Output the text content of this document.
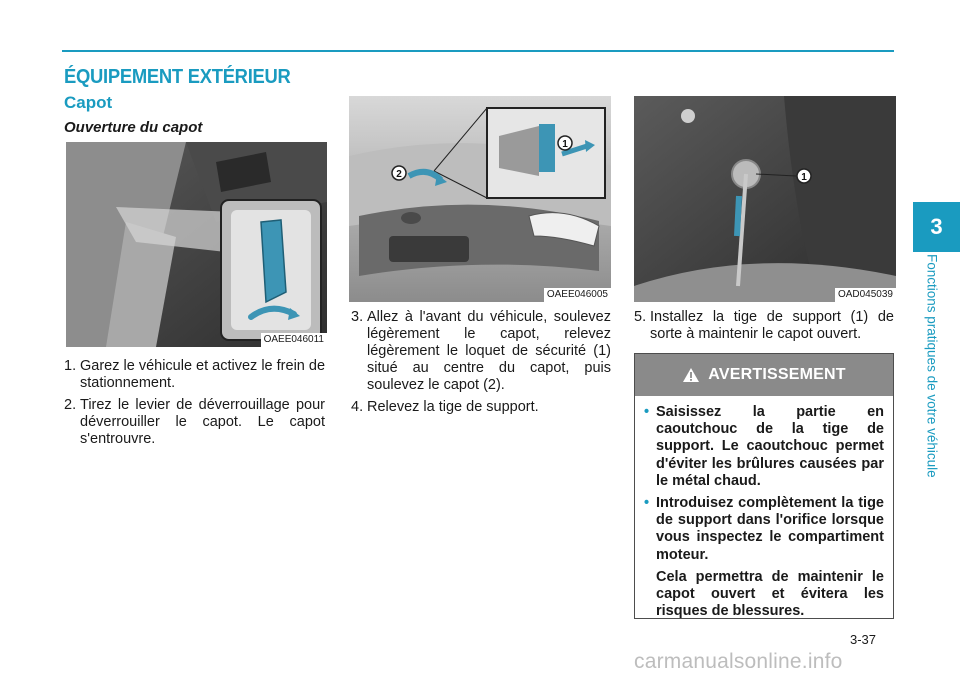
ÉQUIPEMENT EXTÉRIEUR
Capot
Ouverture du capot
OAEE046011
1
2
OAEE046005
1
OAD045039
1. Garez le véhicule et activez le frein de stationnement.
2. Tirez le levier de déverrouillage pour déverrouiller le capot. Le capot s'entrouvre.
3. Allez à l'avant du véhicule, soulevez légèrement le capot, relevez légèrement le loquet de sécurité (1) situé au centre du capot, puis soulevez le capot (2).
4. Relevez la tige de support.
5. Installez la tige de support (1) de sorte à maintenir le capot ouvert.
AVERTISSEMENT
• Saisissez la partie en caoutchouc de la tige de support. Le caoutchouc permet d'éviter les brûlures causées par le métal chaud.
• Introduisez complètement la tige de support dans l'orifice lorsque vous inspectez le compartiment moteur.
Cela permettra de maintenir le capot ouvert et évitera les risques de blessures.
3
Fonctions pratiques de votre véhicule
3-37
carmanualsonline.info
